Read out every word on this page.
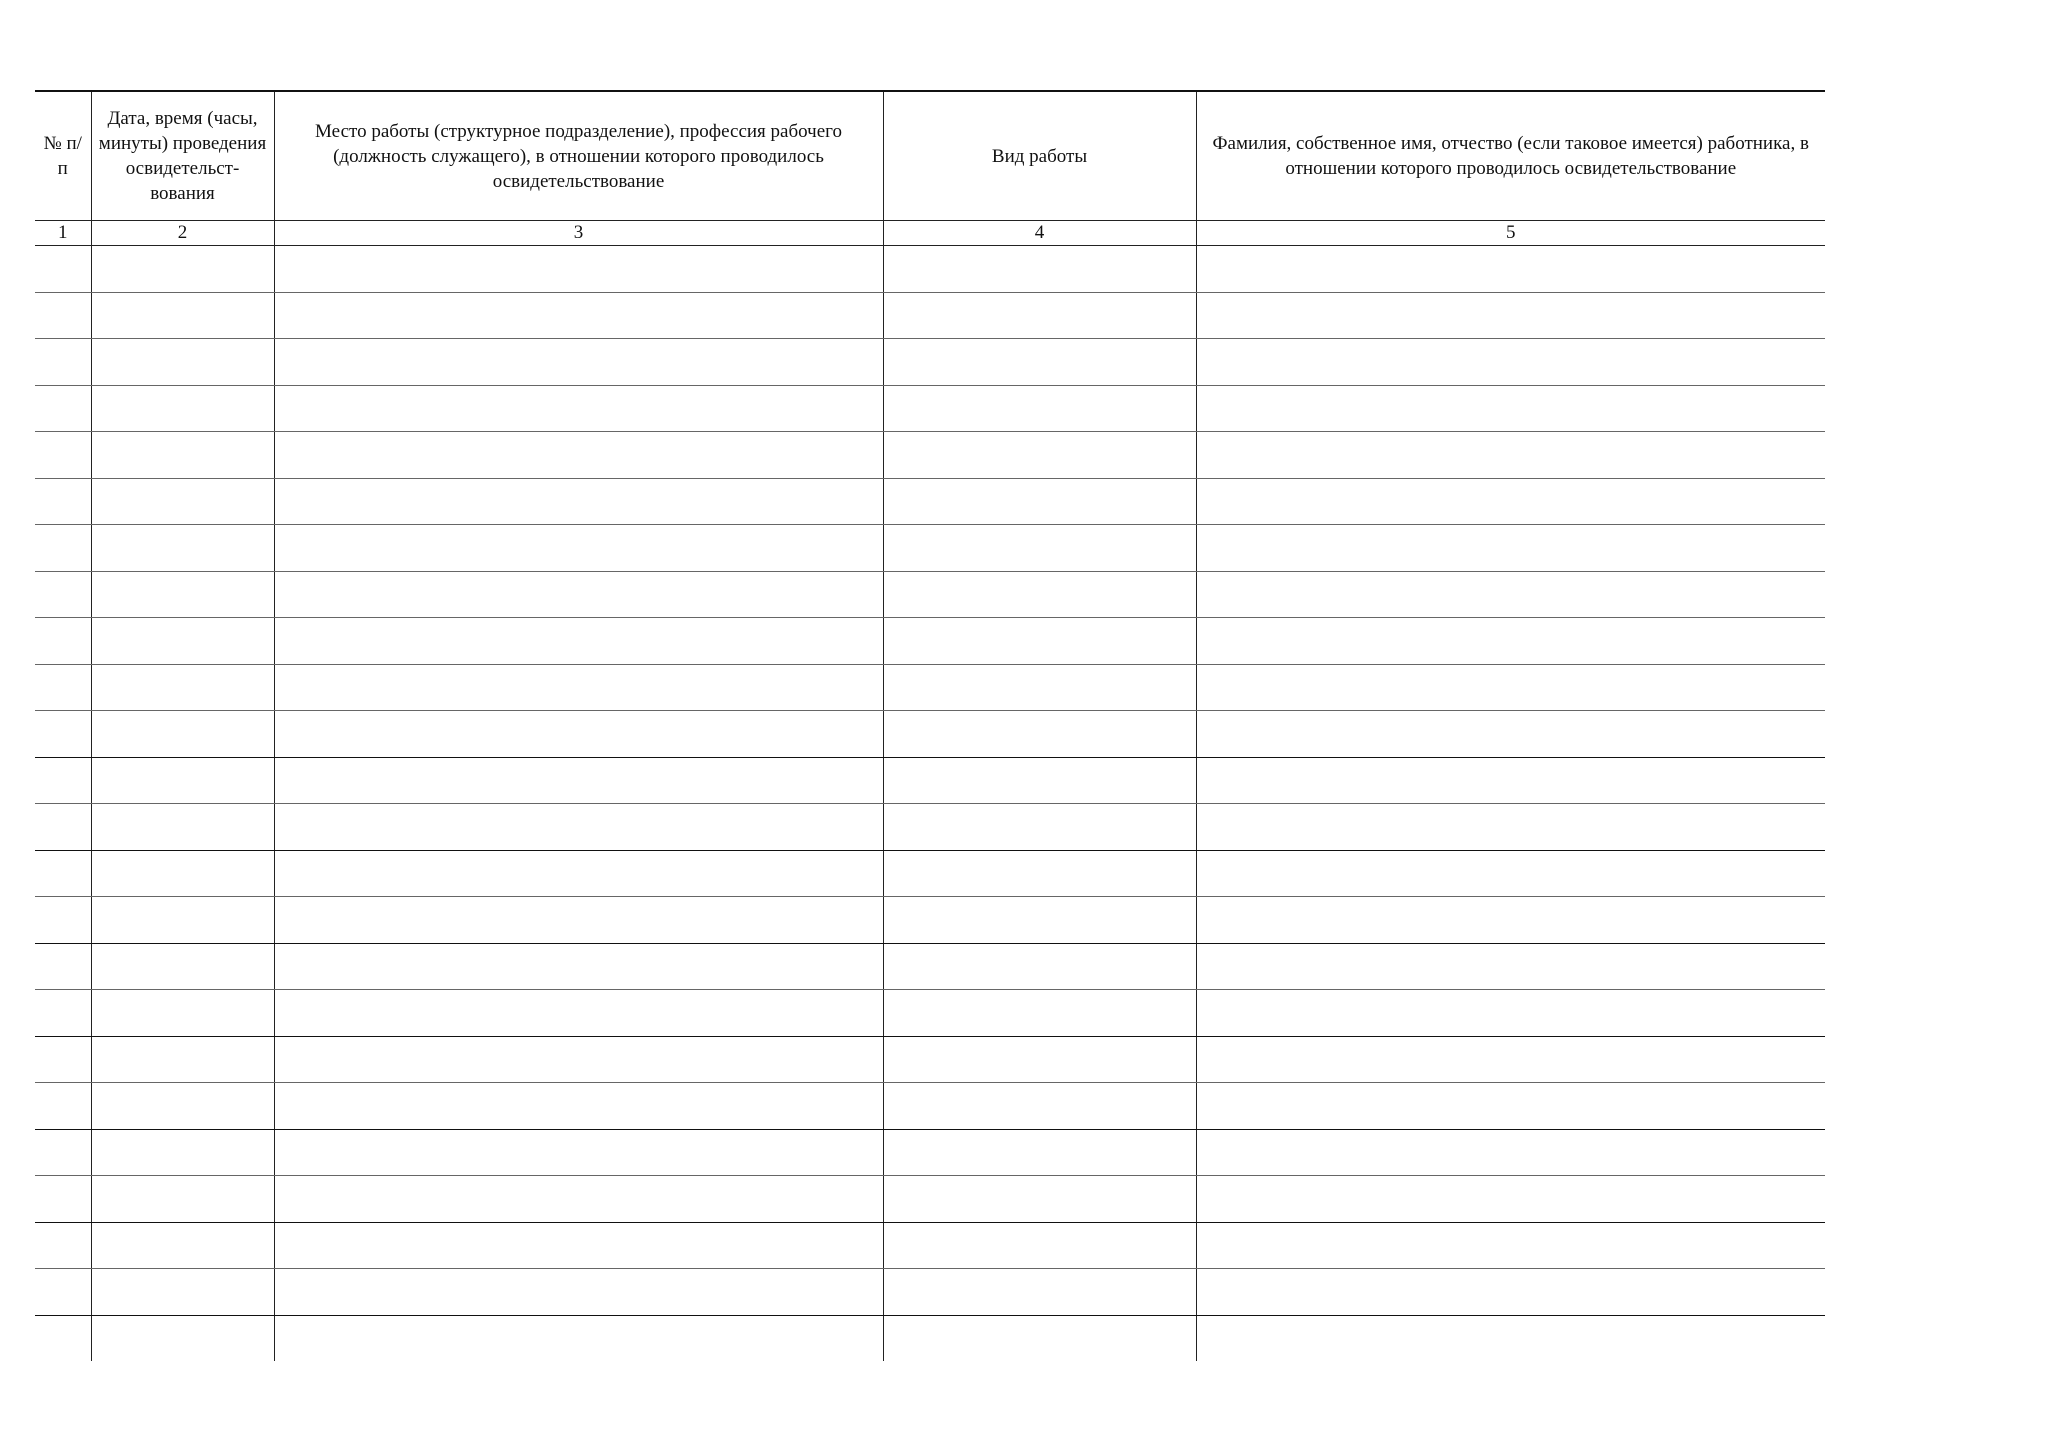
№ п/п	Дата, время (часы, минуты) проведения освидетельст-вования	Место работы (структурное подразделение), профессия рабочего (должность служащего), в отношении которого проводилось освидетельствование	Вид работы	Фамилия, собственное имя, отчество (если таковое имеется) работника, в отношении которого проводилось освидетельствование
1	2	3	4	5
